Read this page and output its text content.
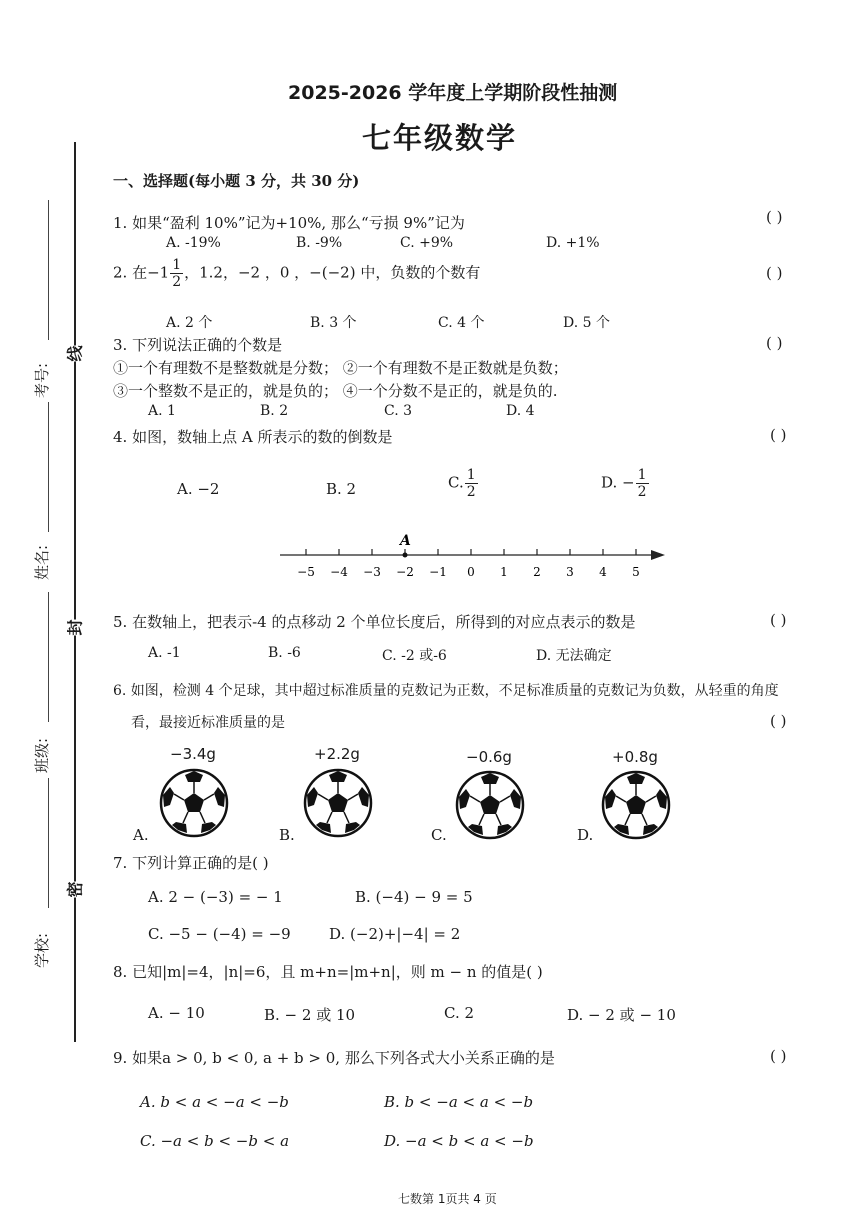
线
封
密
考号:
姓名:
班级:
学校:
2025-2026 学年度上学期阶段性抽测
七年级数学
一、选择题(每小题 3 分，共 30 分)
1. 如果“盈利 10%”记为+10%, 那么“亏损 9%”记为	( )
A. -19%	B. -9%	C. +9%	D. +1%
2. 在$-1 \frac{1}{2}$ ，1.2，−2 ，0 ，−(−2) 中，负数的个数有	( )
A. 2 个	B. 3 个	C. 4 个	D. 5 个
3. 下列说法正确的个数是	( )
①一个有理数不是整数就是分数； ②一个有理数不是正数就是负数；
③一个整数不是正的，就是负的； ④一个分数不是正的，就是负的.
A. 1	B. 2	C. 3	D. 4
4. 如图，数轴上点 A 所表示的数的倒数是	( )
A. −2	B. 2	C. $\frac{1}{2}$	D. − $\frac{1}{2}$
−5 −4 −3 −2 −1 0 1 2 3 4 5
A
5. 在数轴上，把表示-4 的点移动 2 个单位长度后，所得到的对应点表示的数是	( )
A. -1	B. -6	C. -2 或-6	D. 无法确定
6. 如图，检测 4 个足球，其中超过标准质量的克数记为正数，不足标准质量的克数记为负数，从轻重的角度
看，最接近标准质量的是	( )
−3.4g	+2.2g	−0.6g	+0.8g
A.	B.	C.	D.
7. 下列计算正确的是( )
A. 2 − (−3) = − 1	B. (−4) − 9 = 5
C. −5 − (−4) = −9	D. (−2)+|−4| = 2
8. 已知|m|=4，|n|=6，且 m+n=|m+n|，则 m − n 的值是( )
A. − 10	B. − 2 或 10	C. 2	D. − 2 或 − 10
9. 如果a > 0, b < 0, a + b > 0, 那么下列各式大小关系正确的是	( )
A. b < a < −a < −b	B. b < −a < a < −b
C. −a < b < −b < a	D. −a < b < a < −b
七数第 1页共 4 页
